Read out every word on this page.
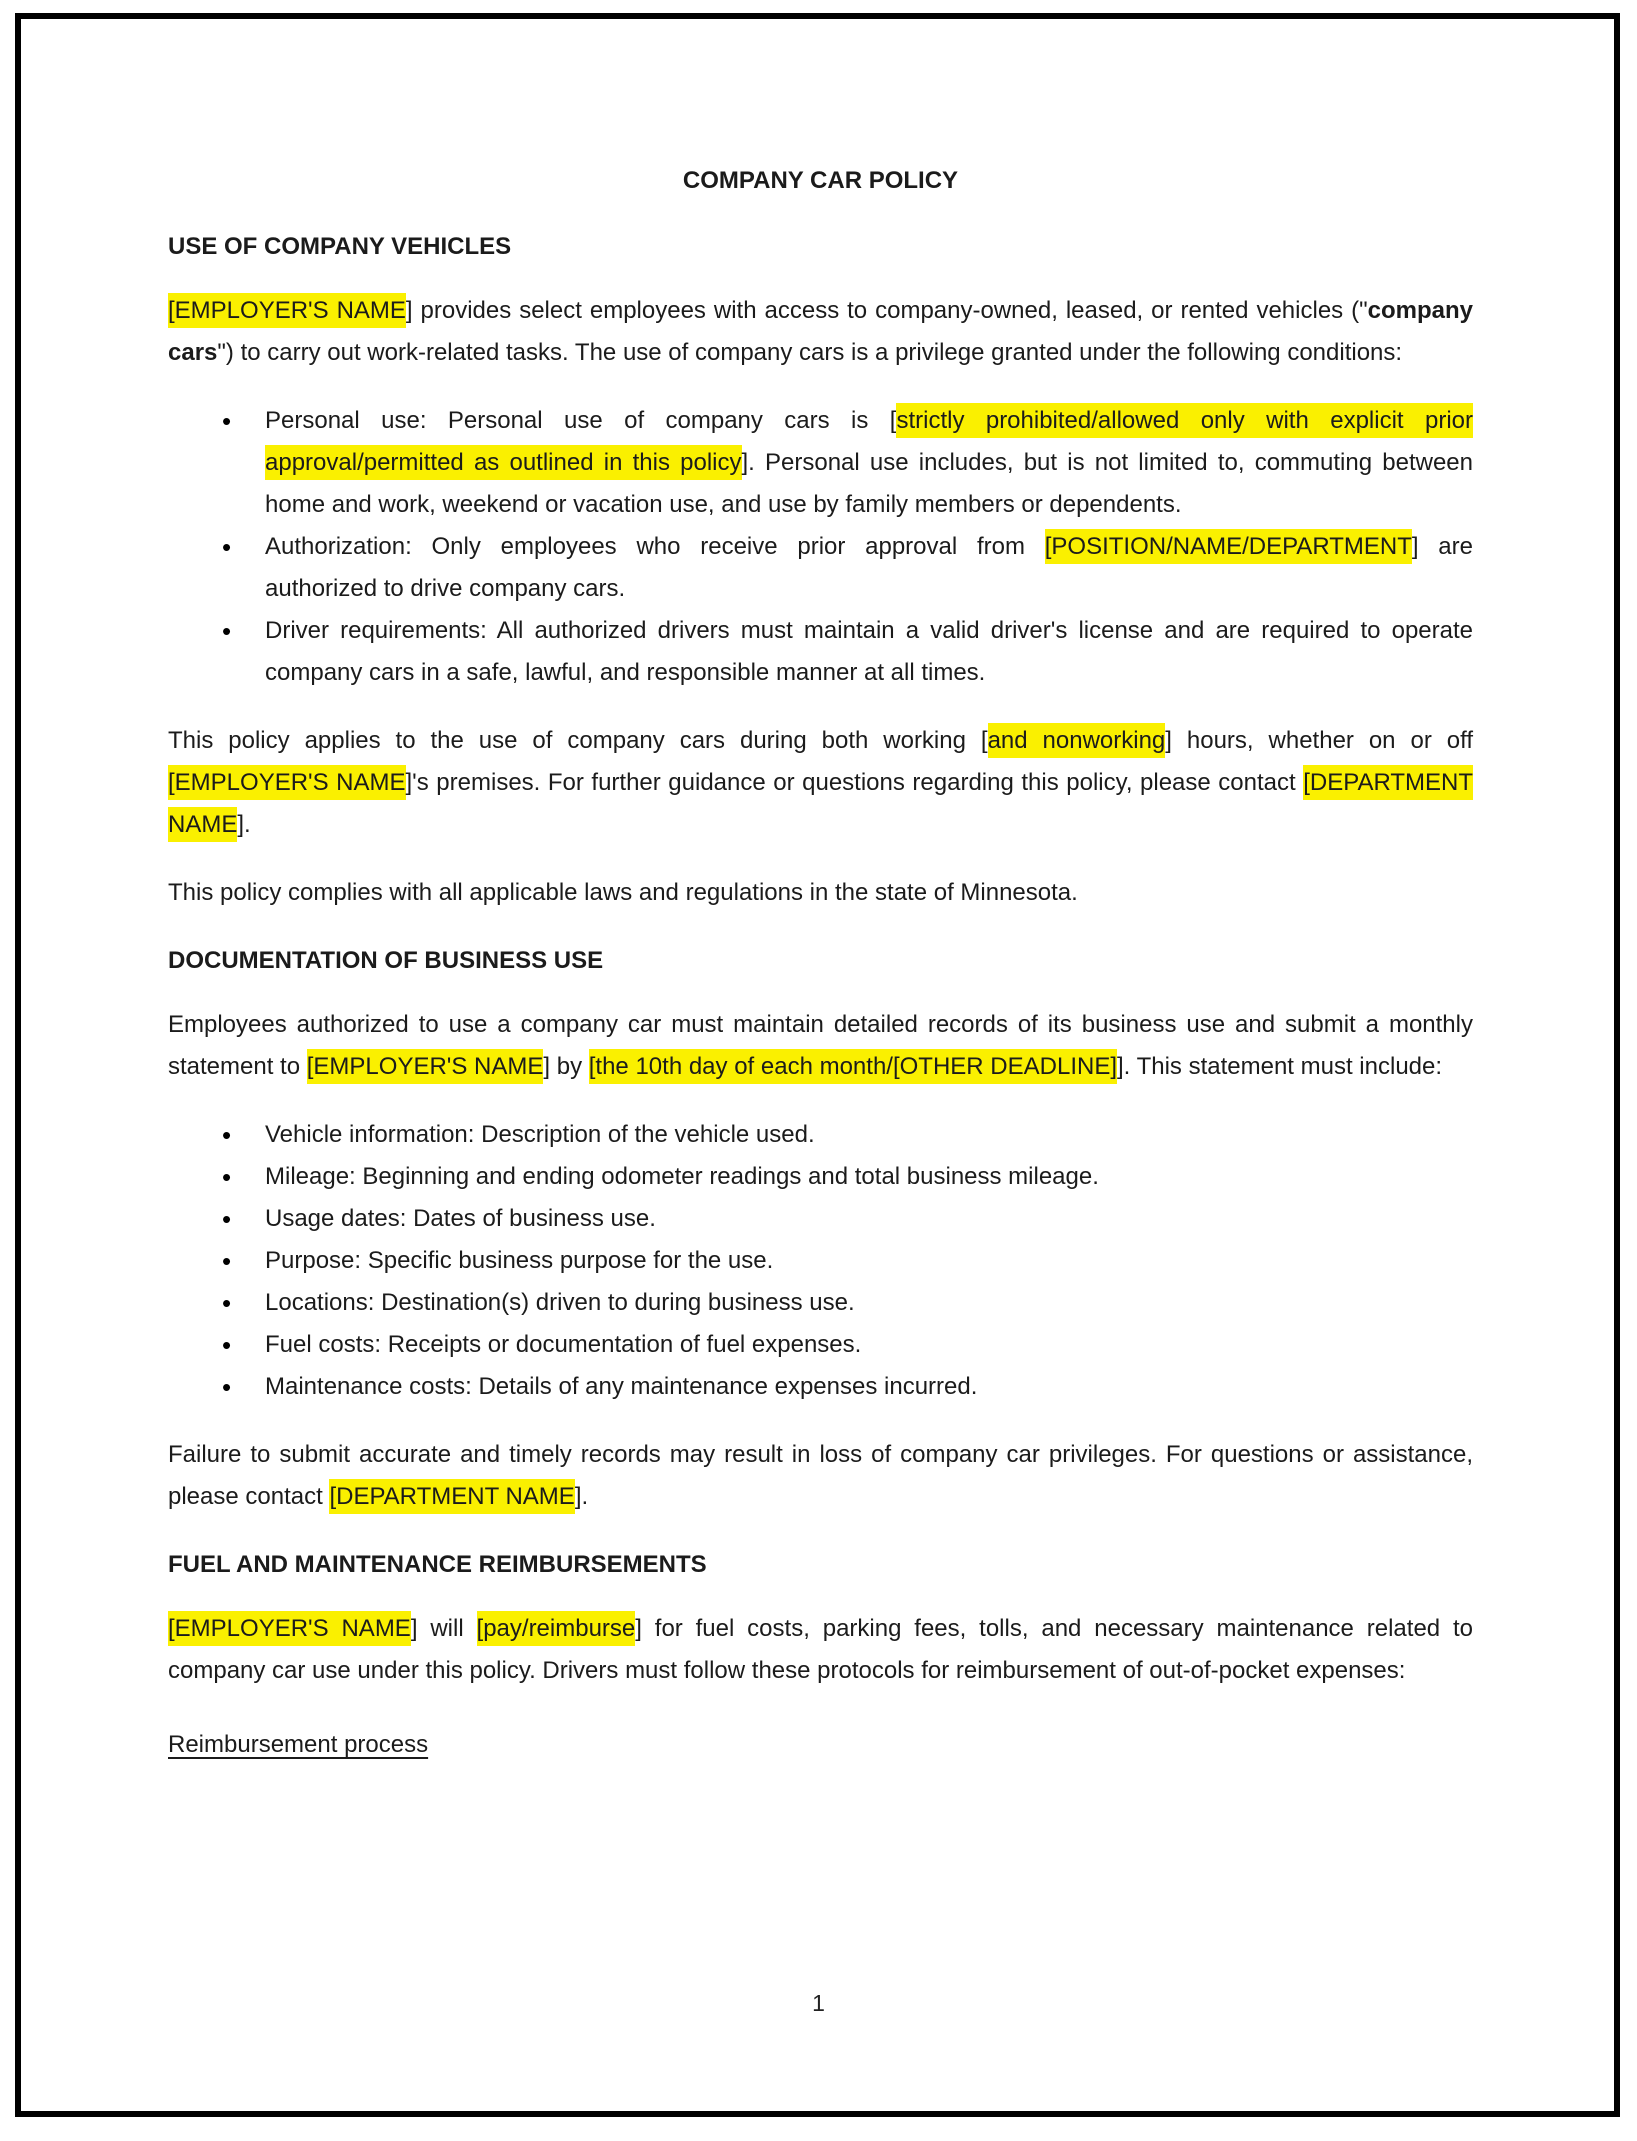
COMPANY CAR POLICY
USE OF COMPANY VEHICLES

[EMPLOYER'S NAME] provides select employees with access to company-owned, leased, or rented vehicles ("company cars") to carry out work-related tasks. The use of company cars is a privilege granted under the following conditions:

• Personal use: Personal use of company cars is [strictly prohibited/allowed only with explicit prior approval/permitted as outlined in this policy]. Personal use includes, but is not limited to, commuting between home and work, weekend or vacation use, and use by family members or dependents.
• Authorization: Only employees who receive prior approval from [POSITION/NAME/DEPARTMENT] are authorized to drive company cars.
• Driver requirements: All authorized drivers must maintain a valid driver's license and are required to operate company cars in a safe, lawful, and responsible manner at all times.

This policy applies to the use of company cars during both working [and nonworking] hours, whether on or off [EMPLOYER'S NAME]'s premises. For further guidance or questions regarding this policy, please contact [DEPARTMENT NAME].

This policy complies with all applicable laws and regulations in the state of Minnesota.

DOCUMENTATION OF BUSINESS USE

Employees authorized to use a company car must maintain detailed records of its business use and submit a monthly statement to [EMPLOYER'S NAME] by [the 10th day of each month/[OTHER DEADLINE]]. This statement must include:

• Vehicle information: Description of the vehicle used.
• Mileage: Beginning and ending odometer readings and total business mileage.
• Usage dates: Dates of business use.
• Purpose: Specific business purpose for the use.
• Locations: Destination(s) driven to during business use.
• Fuel costs: Receipts or documentation of fuel expenses.
• Maintenance costs: Details of any maintenance expenses incurred.

Failure to submit accurate and timely records may result in loss of company car privileges. For questions or assistance, please contact [DEPARTMENT NAME].

FUEL AND MAINTENANCE REIMBURSEMENTS

[EMPLOYER'S NAME] will [pay/reimburse] for fuel costs, parking fees, tolls, and necessary maintenance related to company car use under this policy. Drivers must follow these protocols for reimbursement of out-of-pocket expenses:

Reimbursement process
1
